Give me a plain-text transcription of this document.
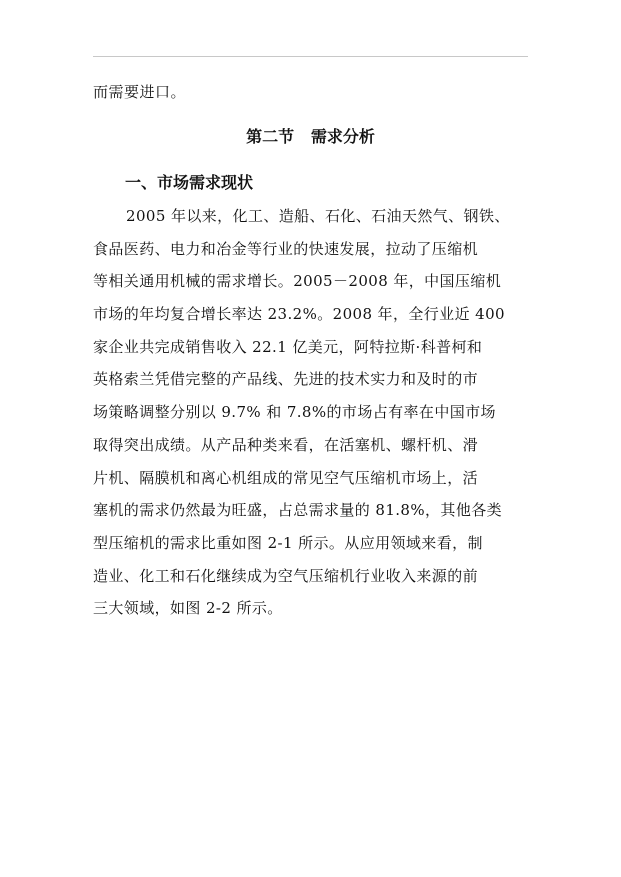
而需要进口。
第二节   需求分析
一、市场需求现状
2005 年以来，化工、造船、石化、石油天然气、钢铁、
食品医药、电力和冶金等行业的快速发展，拉动了压缩机
等相关通用机械的需求增长。2005－2008 年，中国压缩机
市场的年均复合增长率达 23.2%。2008 年，全行业近 400
家企业共完成销售收入 22.1 亿美元，阿特拉斯·科普柯和
英格索兰凭借完整的产品线、先进的技术实力和及时的市
场策略调整分别以 9.7% 和 7.8%的市场占有率在中国市场
取得突出成绩。从产品种类来看，在活塞机、螺杆机、滑
片机、隔膜机和离心机组成的常见空气压缩机市场上，活
塞机的需求仍然最为旺盛，占总需求量的 81.8%，其他各类
型压缩机的需求比重如图 2-1 所示。从应用领域来看，制
造业、化工和石化继续成为空气压缩机行业收入来源的前
三大领域，如图 2-2 所示。
